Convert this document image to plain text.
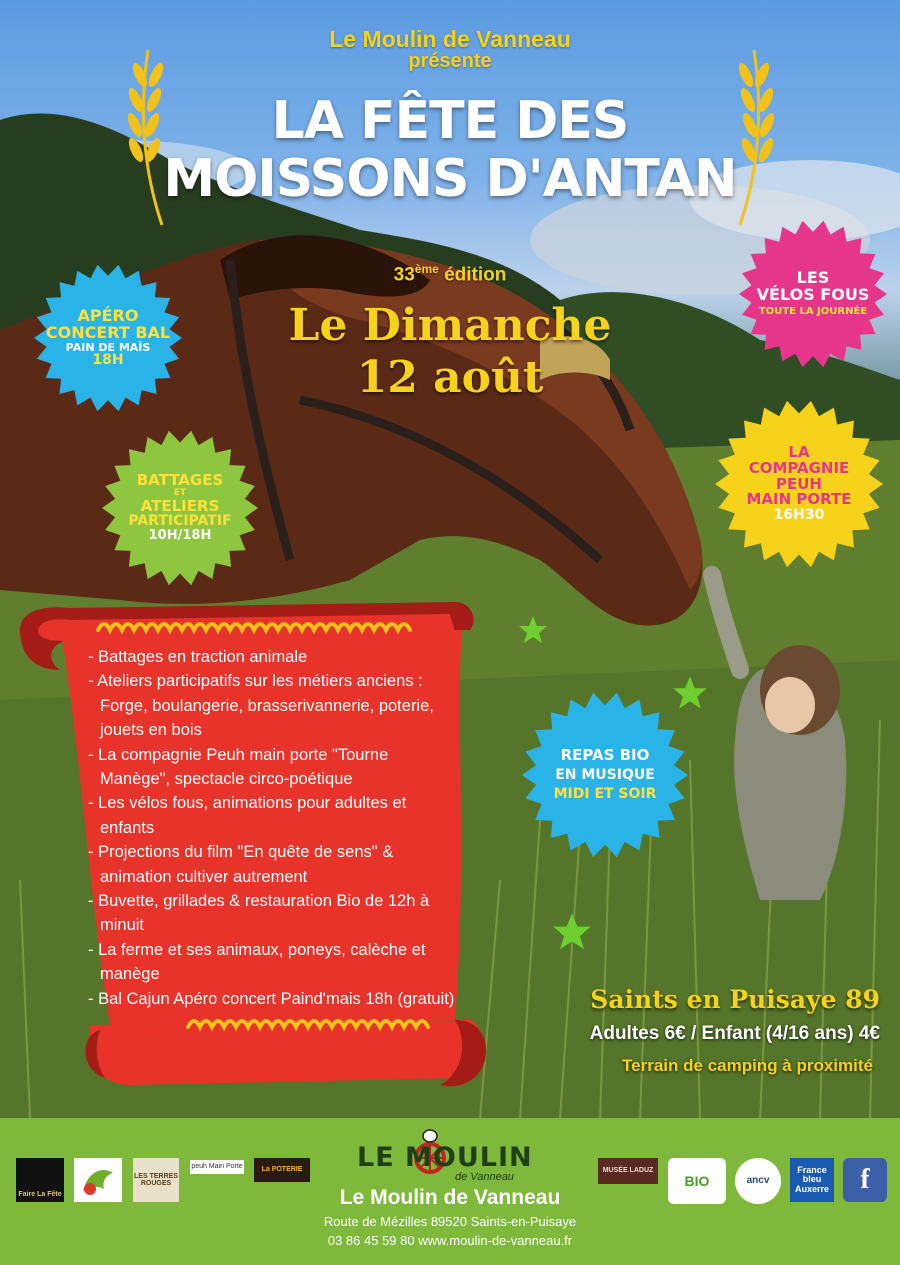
Le Moulin de Vanneau
présente
LA FÊTE DES
MOISSONS D'ANTAN
33ème édition
Le Dimanche
12 août
APÉRO
CONCERT BAL
PAIN DE MAÏS
18H
LES
VÉLOS FOUS
TOUTE LA JOURNÉE
BATTAGES
ET
ATELIERS
PARTICIPATIF
10H/18H
LA
COMPAGNIE
PEUH
MAIN PORTE
16H30
REPAS BIO
EN MUSIQUE
MIDI ET SOIR
- Battages en traction animale
- Ateliers participatifs sur les métiers anciens : Forge, boulangerie, brasserivannerie, poterie, jouets en bois
- La compagnie Peuh main porte "Tourne Manège", spectacle circo-poétique
- Les vélos fous, animations pour adultes et enfants
- Projections du film "En quête de sens" & animation cultiver autrement
- Buvette, grillades & restauration Bio de 12h à minuit
- La ferme et ses animaux, poneys, calèche et manège
- Bal Cajun Apéro concert Paind'mais 18h (gratuit)	Saints en Puisaye 89
Adultes 6€ / Enfant (4/16 ans) 4€
Terrain de camping à proximité
LE MOULIN
de Vanneau
Le Moulin de Vanneau
Route de Mézilles 89520 Saints-en-Puisaye
03 86 45 59 80 www.moulin-de-vanneau.fr
Faire La Fête
LES TERRES ROUGES
peuh Main Porte	La POTERIE	MUSÉE LADUZ
BIO	ancv
France bleu Auxerre f
